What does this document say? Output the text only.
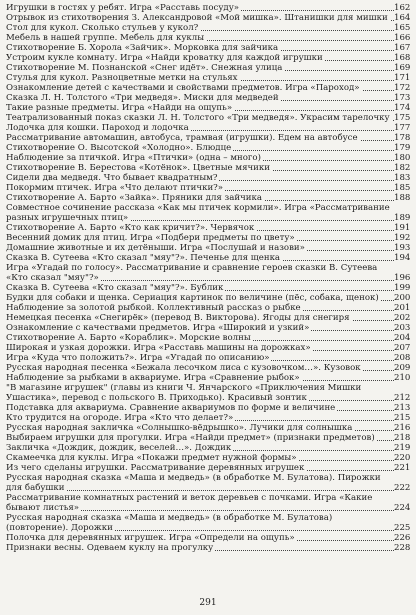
Игрушки в гостях у ребят. Игра «Расставь посуду»	162
Отрывок из стихотворения З. Александровой «Мой мишка». Штанишки для мишки 164
Стол для кукол. Сколько стульев у кукол?	165
Мебель в нашей группе. Мебель для куклы	166
Стихотворение Б. Хорола «Зайчик». Морковка для зайчика	167
Устроим кукле комнату. Игра «Найди кроватку для каждой игрушки	168
Стихотворение М. Познанской «Снег идёт». Снежная улица	169
Стулья для кукол. Разноцветные метки на стульях	171
Ознакомление детей с качествами и свойствами предметов. Игра «Пароход»	172
Сказка Л. Н. Толстого «Три медведя». Миски для медведей	173
Такие разные предметы. Игра «Найди на ощупь»	174
Театрализованный показ сказки Л. Н. Толстого «Три медведя». Украсим тарелочку 175
Лодочка для кошки. Пароход и лодочка	177
Рассматривание автомашин, автобуса, трамвая (игрушки). Едем на автобусе	178
Стихотворение О. Высотской «Холодно». Блюдце	179
Наблюдение за птичкой. Игра «Птички» (одна – много)	180
Стихотворение В. Берестова «Котёнок». Цветные мячики	182
Сидели два медведя. Что бывает квадратным?	183
Покормим птичек. Игра «Что делают птички?»	185
Стихотворение А. Барто «Зайка». Пряники для зайчика	188
Совместное сочинение рассказа «Как мы птичек кормили». Игра «Рассматривание разных игрушечных птиц»	189
Стихотворение А. Барто «Кто как кричит?». Червячок	191
Весенний домик для птиц. Игра «Подбери предметы по цвету»	192
Домашние животные и их детёныши. Игра «Послушай и назови»	193
Сказка В. Сутеева «Кто сказал "мяу"?». Печенье для щенка	194
Игра «Угадай по голосу». Рассматривание и сравнение героев сказки В. Сутеева «Кто сказал "мяу"?»	196
Сказка В. Сутеева «Кто сказал "мяу"?». Бублик	199
Будки для собаки и щенка. Сериация картинок по величине (пёс, собака, щенок) 200
Наблюдение за золотой рыбкой. Коллективный рассказ о рыбке	201
Немецкая песенка «Снегирёк» (перевод В. Викторова). Ягоды для снегиря	202
Ознакомление с качествами предметов. Игра «Широкий и узкий»	203
Стихотворение А. Барто «Кораблик». Морские волны	204
Широкая и узкая дорожки. Игра «Расставь машины на дорожках»	207
Игра «Куда что положить?». Игра «Угадай по описанию»	208
Русская народная песенка «Бежала лесочком лиса с кузовочком…». Кузовок	209
Наблюдение за рыбками в аквариуме. Игра «Сравнение рыбок»	210
"В магазине игрушек" (главы из книги Ч. Янчарского «Приключения Мишки Ушастика», перевод с польского В. Приходько). Красивый зонтик	212
Подставка для аквариума. Сравнение аквариумов по форме и величине	213
Кто трудится на огороде. Игра «Кто что делает?»	215
Русская народная закличка «Солнышко-вёдрышко». Лучики для солнышка	216
Выбираем игрушки для прогулки. Игра «Найди предмет» (признаки предметов) 218
Закличка «Дождик, дождик, веселей…». Дождик	219
Скамеечка для куклы. Игра «Покажи предмет нужной формы»	220
Из чего сделаны игрушки. Рассматривание деревянных игрушек	221
Русская народная сказка «Маша и медведь» (в обработке М. Булатова). Пирожки для бабушки	222
Рассматривание комнатных растений и веток деревьев с почками. Игра «Какие бывают листья»	224
Русская народная сказка «Маша и медведь» (в обработке М. Булатова) (повторение). Дорожки	225
Полочка для деревянных игрушек. Игра «Определи на ощупь»	226
Признаки весны. Одеваем куклу на прогулку	228
291
